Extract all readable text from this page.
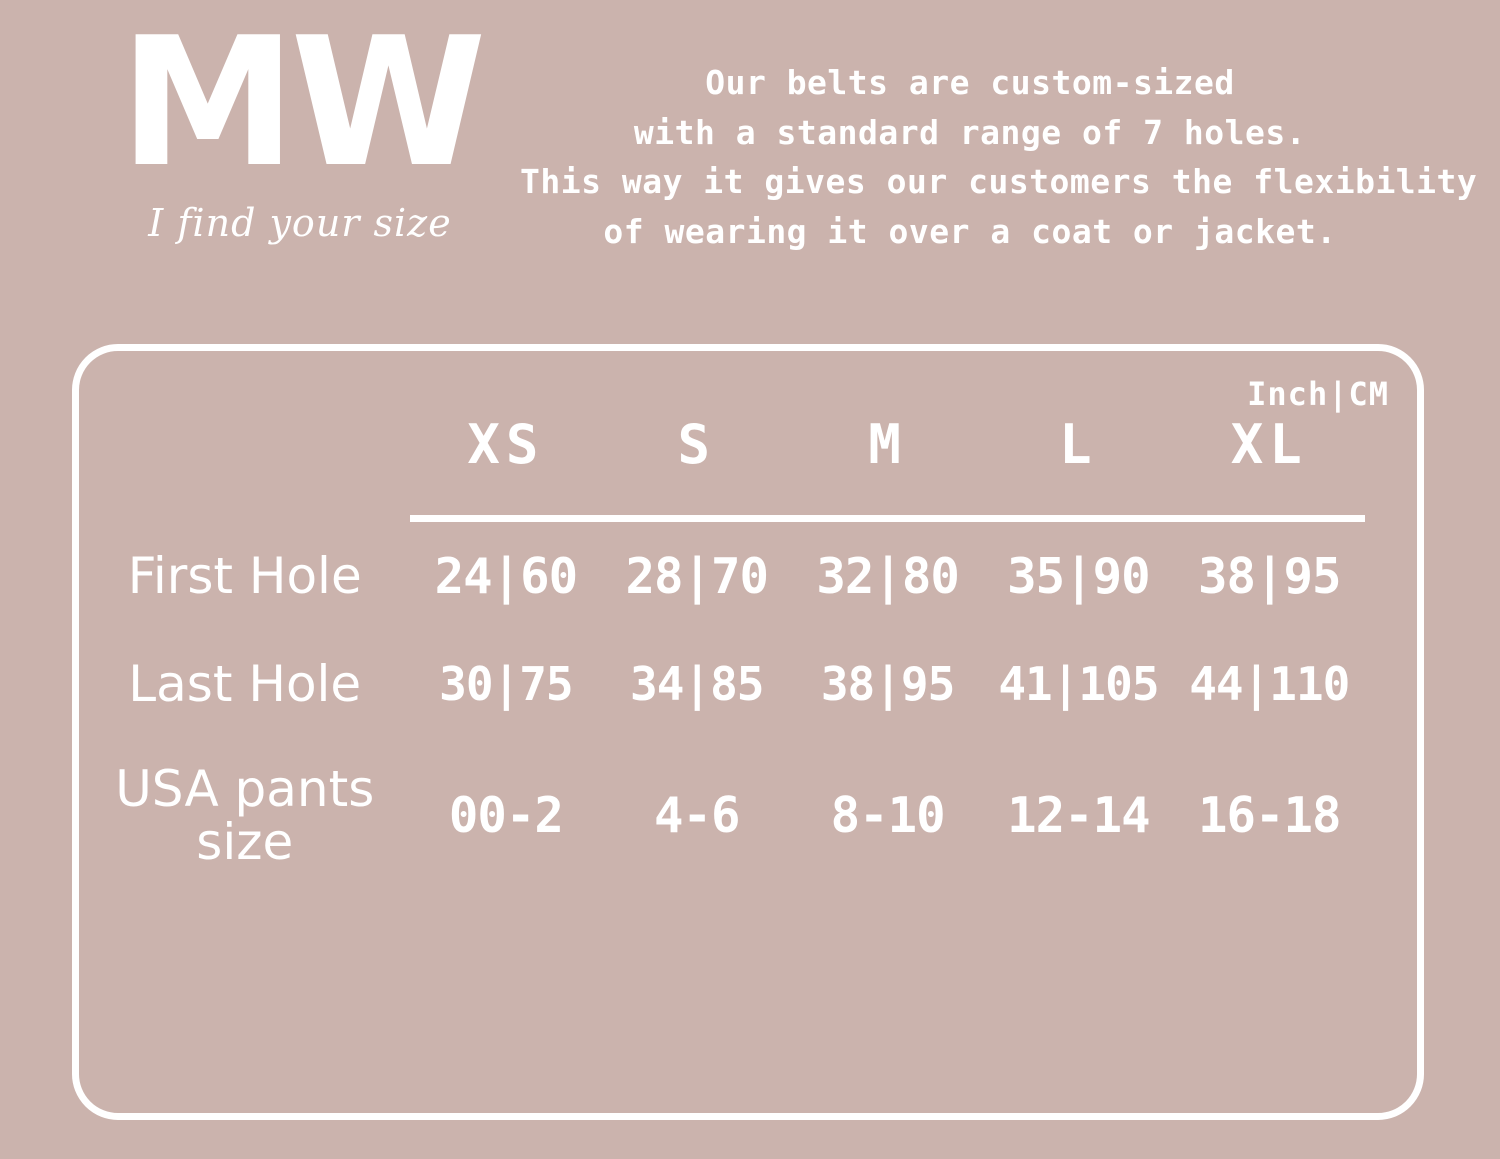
MW
I find your size
Our belts are custom-sized
with a standard range of 7 holes.
This way it gives our customers the flexibility
of wearing it over a coat or jacket.
Inch|CM
	XS	S	M	L	XL	

First Hole	24|60	28|70	32|80	35|90	38|95	
Last Hole	30|75	34|85	38|95	41|105	44|110	
USA pants size	00-2	4-6	8-10	12-14	16-18	
